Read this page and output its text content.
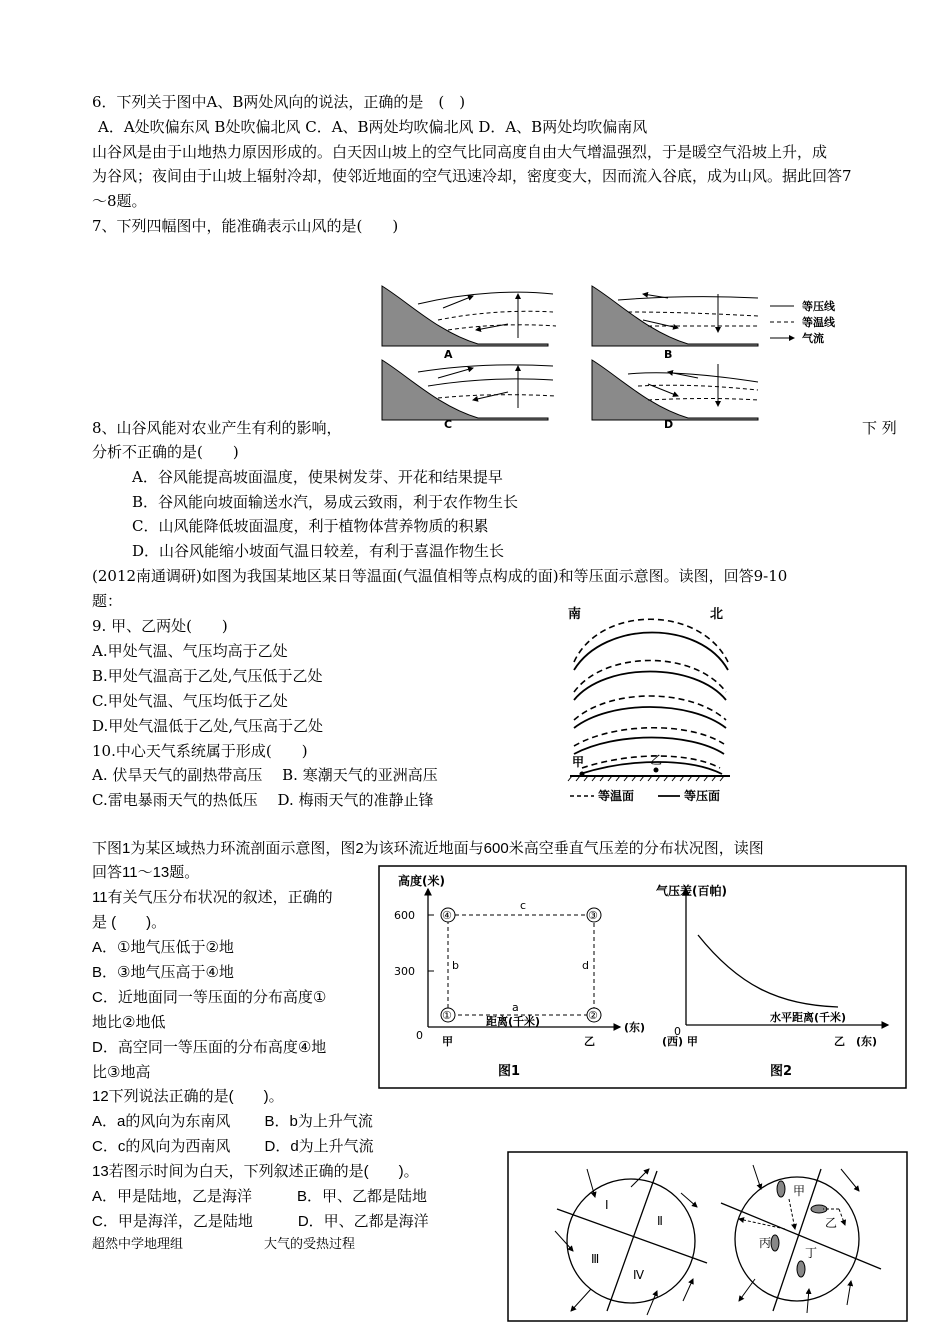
6．下列关于图中A、B两处风向的说法，正确的是　(　)
A．A处吹偏东风 B处吹偏北风 C．A、B两处均吹偏北风 D．A、B两处均吹偏南风
山谷风是由于山地热力原因形成的。白天因山坡上的空气比同高度自由大气增温强烈，于是暖空气沿坡上升，成
为谷风；夜间由于山坡上辐射冷却，使邻近地面的空气迅速冷却，密度变大，因而流入谷底，成为山风。据此回答7
～8题。
7、下列四幅图中，能准确表示山风的是(　　)
A	B
C	D
等压线
等温线
气流
8、山谷风能对农业产生有利的影响，	下 列
分析不正确的是(　　)
A．谷风能提高坡面温度，使果树发芽、开花和结果提早
B．谷风能向坡面输送水汽，易成云致雨，利于农作物生长
C．山风能降低坡面温度，利于植物体营养物质的积累
D．山谷风能缩小坡面气温日较差，有利于喜温作物生长
(2012南通调研)如图为我国某地区某日等温面(气温值相等点构成的面)和等压面示意图。读图，回答9-10
题：
9. 甲、乙两处(　　)
A.甲处气温、气压均高于乙处
B.甲处气温高于乙处,气压低于乙处
C.甲处气温、气压均低于乙处
D.甲处气温低于乙处,气压高于乙处
10.中心天气系统属于形成(　　)
A. 伏旱天气的副热带高压　 B. 寒潮天气的亚洲高压
C.雷电暴雨天气的热低压　 D. 梅雨天气的准静止锋
南	北
甲	乙
等温面	等压面
下图1为某区域热力环流剖面示意图，图2为该环流近地面与600米高空垂直气压差的分布状况图，读图
回答11～13题。
11有关气压分布状况的叙述，正确的
是 (　　)。
A．①地气压低于②地
B．③地气压高于④地
C．近地面同一等压面的分布高度①
地比②地低
D．高空同一等压面的分布高度④地
比③地高
12下列说法正确的是(　　)。
A．a的风向为东南风　　 B．b为上升气流
C．c的风向为西南风　　 D．d为上升气流
13若图示时间为白天，下列叙述正确的是(　　)。
A．甲是陆地，乙是海洋　　　B．甲、乙都是陆地
C．甲是海洋，乙是陆地　　　D．甲、乙都是海洋
超然中学地理组	大气的受热过程
高度(米)
600
300
0
c
b	d
a
④	③
①	②
距离(千米)	(东)
甲	乙
图1
气压差(百帕)
0
水平距离(千米)
(西) 甲	乙　(东)
图2
Ⅰ
Ⅱ
Ⅲ
Ⅳ
甲
乙
丙
丁
